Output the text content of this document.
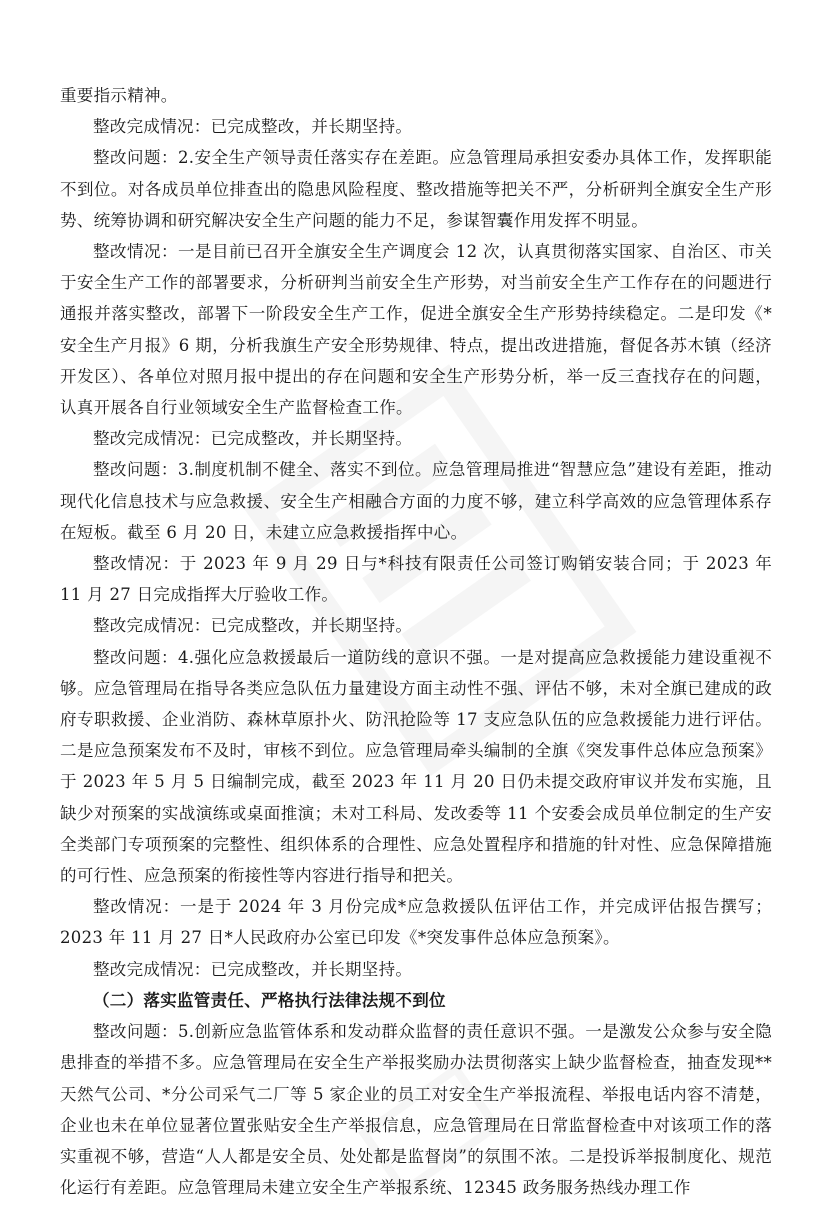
重要指示精神。

整改完成情况：已完成整改，并长期坚持。

整改问题：2.安全生产领导责任落实存在差距。应急管理局承担安委办具体工作，发挥职能不到位。对各成员单位排查出的隐患风险程度、整改措施等把关不严，分析研判全旗安全生产形势、统筹协调和研究解决安全生产问题的能力不足，参谋智囊作用发挥不明显。

整改情况：一是目前已召开全旗安全生产调度会 12 次，认真贯彻落实国家、自治区、市关于安全生产工作的部署要求，分析研判当前安全生产形势，对当前安全生产工作存在的问题进行通报并落实整改，部署下一阶段安全生产工作，促进全旗安全生产形势持续稳定。二是印发《*安全生产月报》6 期，分析我旗生产安全形势规律、特点，提出改进措施，督促各苏木镇（经济开发区）、各单位对照月报中提出的存在问题和安全生产形势分析，举一反三查找存在的问题，认真开展各自行业领域安全生产监督检查工作。

整改完成情况：已完成整改，并长期坚持。

整改问题：3.制度机制不健全、落实不到位。应急管理局推进“智慧应急”建设有差距，推动现代化信息技术与应急救援、安全生产相融合方面的力度不够，建立科学高效的应急管理体系存在短板。截至 6 月 20 日，未建立应急救援指挥中心。

整改情况：于 2023 年 9 月 29 日与*科技有限责任公司签订购销安装合同；于 2023 年 11 月 27 日完成指挥大厅验收工作。

整改完成情况：已完成整改，并长期坚持。

整改问题：4.强化应急救援最后一道防线的意识不强。一是对提高应急救援能力建设重视不够。应急管理局在指导各类应急队伍力量建设方面主动性不强、评估不够，未对全旗已建成的政府专职救援、企业消防、森林草原扑火、防汛抢险等 17 支应急队伍的应急救援能力进行评估。二是应急预案发布不及时，审核不到位。应急管理局牵头编制的全旗《突发事件总体应急预案》于 2023 年 5 月 5 日编制完成，截至 2023 年 11 月 20 日仍未提交政府审议并发布实施，且缺少对预案的实战演练或桌面推演；未对工科局、发改委等 11 个安委会成员单位制定的生产安全类部门专项预案的完整性、组织体系的合理性、应急处置程序和措施的针对性、应急保障措施的可行性、应急预案的衔接性等内容进行指导和把关。

整改情况：一是于 2024 年 3 月份完成*应急救援队伍评估工作，并完成评估报告撰写；2023 年 11 月 27 日*人民政府办公室已印发《*突发事件总体应急预案》。

整改完成情况：已完成整改，并长期坚持。

（二）落实监管责任、严格执行法律法规不到位

整改问题：5.创新应急监管体系和发动群众监督的责任意识不强。一是激发公众参与安全隐患排查的举措不多。应急管理局在安全生产举报奖励办法贯彻落实上缺少监督检查，抽查发现**天然气公司、*分公司采气二厂等 5 家企业的员工对安全生产举报流程、举报电话内容不清楚，企业也未在单位显著位置张贴安全生产举报信息，应急管理局在日常监督检查中对该项工作的落实重视不够，营造“人人都是安全员、处处都是监督岗”的氛围不浓。二是投诉举报制度化、规范化运行有差距。应急管理局未建立安全生产举报系统、12345 政务服务热线办理工作
